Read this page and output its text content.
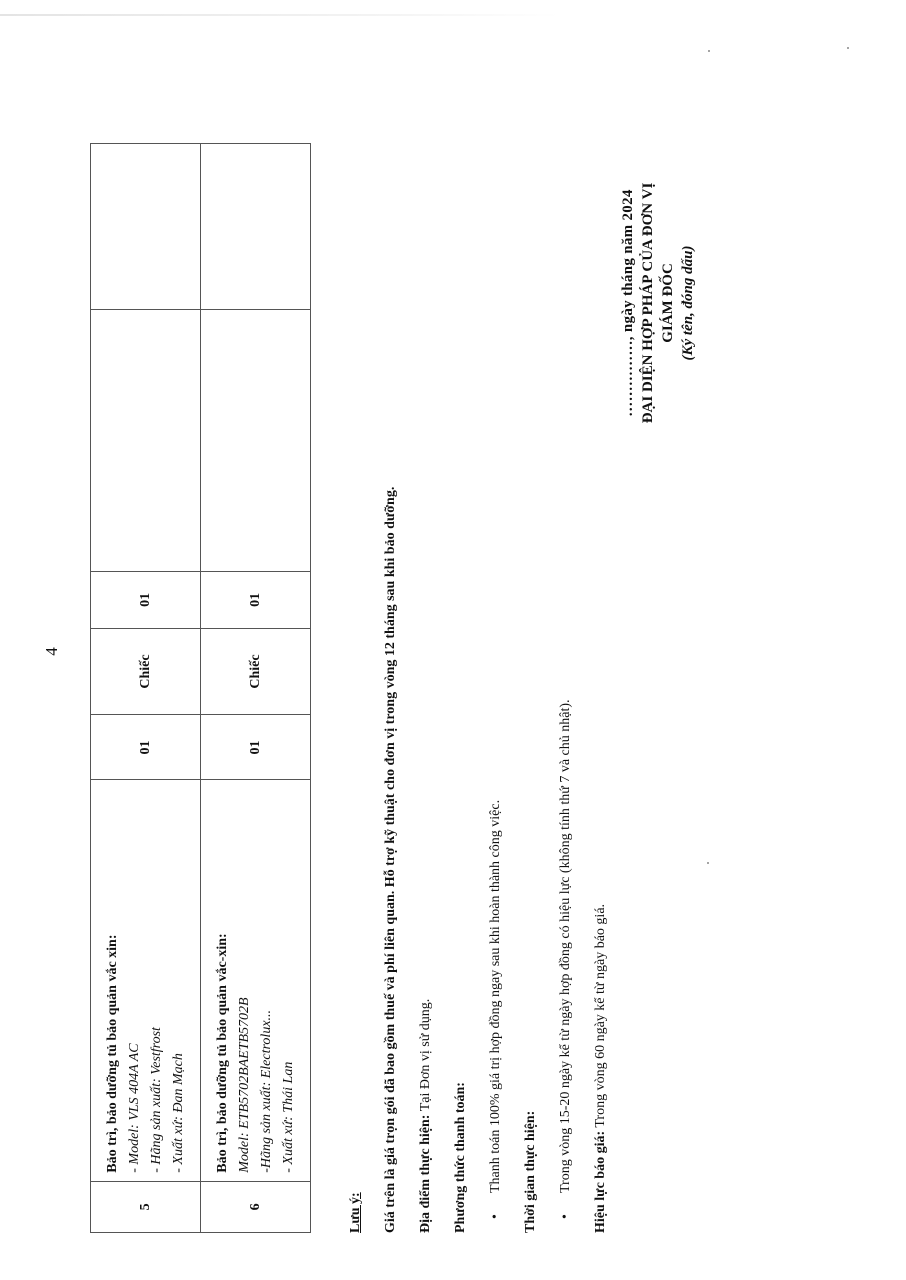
4
5	Bảo trì, bảo dưỡng tủ bảo quản vắc xin: - Model: VLS 404A AC - Hãng sản xuất: Vestfrost - Xuất xứ: Đan Mạch	01	Chiếc	01		
6	Bảo trì, bảo dưỡng tủ bảo quản vắc-xin: Model: ETB5702BAETB5702B -Hãng sản xuất: Electrolux... - Xuất xứ: Thái Lan	01	Chiếc	01		

Lưu ý:	Giá trên là giá trọn gói đã bao gồm thuế và phí liên quan. Hỗ trợ kỹ thuật cho đơn vị trong vòng 12 tháng sau khi bảo dưỡng.	Địa điểm thực hiện: Tại Đơn vị sử dụng.

Phương thức thanh toán:	•Thanh toán 100% giá trị hợp đồng ngay sau khi hoàn thành công việc.	Thời gian thực hiện:	•Trong vòng 15-20 ngày kể từ ngày hợp đồng có hiệu lực (không tính thứ 7 và chủ nhật).	Hiệu lực báo giá: Trong vòng 60 ngày kể từ ngày báo giá.

……………, ngày tháng năm 2024 ĐẠI DIỆN HỢP PHÁP CỦA ĐƠN VỊ GIÁM ĐỐC (Ký tên, đóng dấu)
